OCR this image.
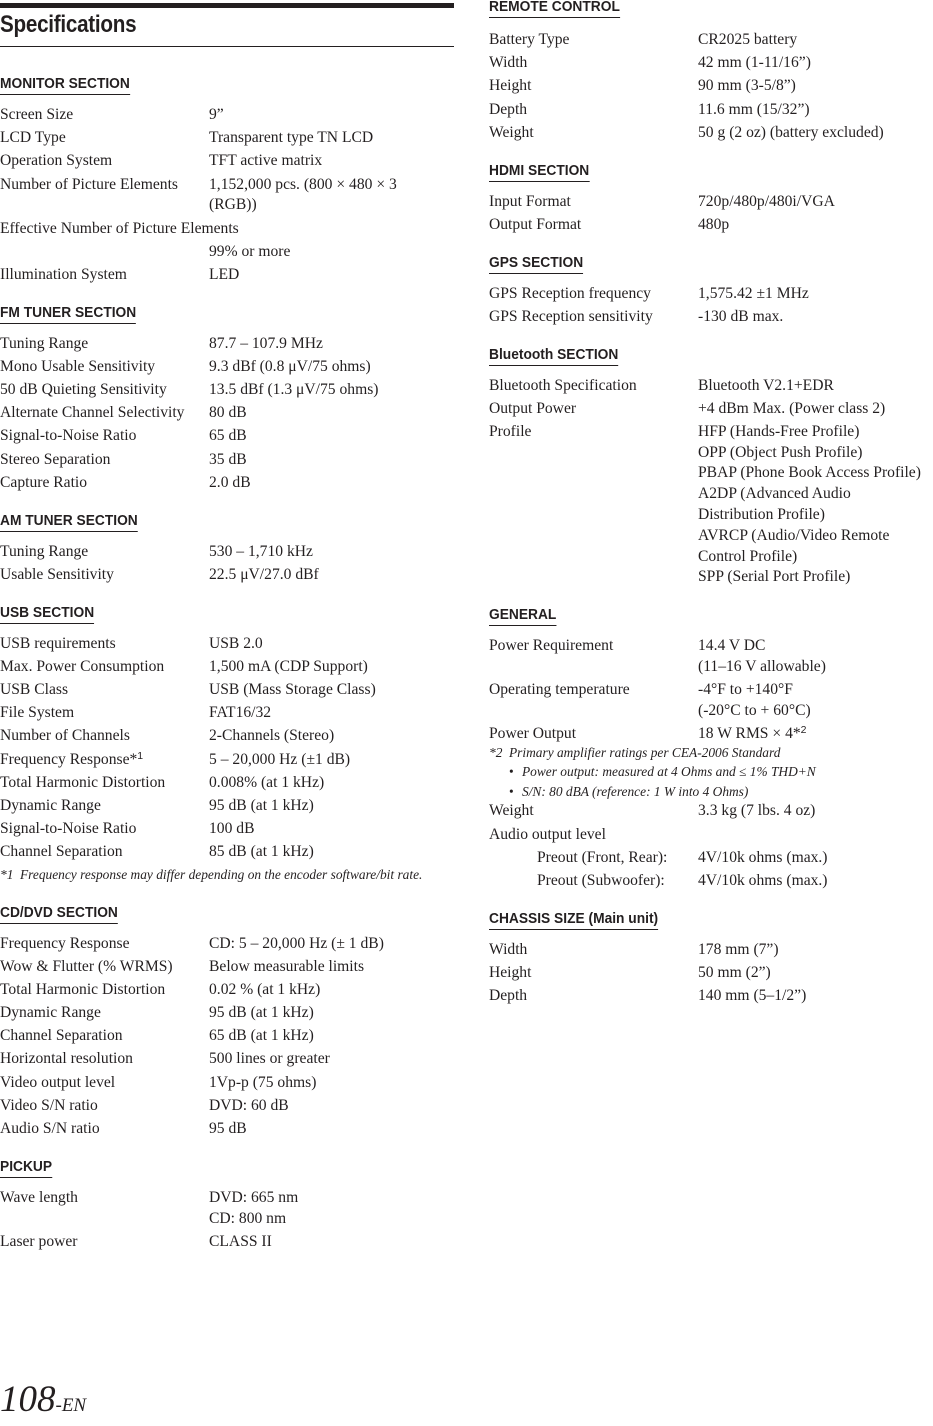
Specifications
MONITOR SECTION
Screen Size	9”
LCD Type	Transparent type TN LCD
Operation System	TFT active matrix
Number of Picture Elements	1,152,000 pcs. (800 × 480 × 3
(RGB))
Effective Number of Picture Elements
99% or more
Illumination System	LED
FM TUNER SECTION
Tuning Range	87.7 – 107.9 MHz
Mono Usable Sensitivity	9.3 dBf (0.8 μV/75 ohms)
50 dB Quieting Sensitivity	13.5 dBf (1.3 μV/75 ohms)
Alternate Channel Selectivity	80 dB
Signal-to-Noise Ratio	65 dB
Stereo Separation	35 dB
Capture Ratio	2.0 dB
AM TUNER SECTION
Tuning Range	530 – 1,710 kHz
Usable Sensitivity	22.5 μV/27.0 dBf
USB SECTION
USB requirements	USB 2.0
Max. Power Consumption	1,500 mA (CDP Support)
USB Class	USB (Mass Storage Class)
File System	FAT16/32
Number of Channels	2-Channels (Stereo)
Frequency Response*$^1$	5 – 20,000 Hz (±1 dB)
Total Harmonic Distortion	0.008% (at 1 kHz)
Dynamic Range	95 dB (at 1 kHz)
Signal-to-Noise Ratio	100 dB
Channel Separation	85 dB (at 1 kHz)
*1 Frequency response may differ depending on the encoder software/bit rate.
CD/DVD SECTION
Frequency Response	CD: 5 – 20,000 Hz (± 1 dB)
Wow & Flutter (% WRMS)	Below measurable limits
Total Harmonic Distortion	0.02 % (at 1 kHz)
Dynamic Range	95 dB (at 1 kHz)
Channel Separation	65 dB (at 1 kHz)
Horizontal resolution	500 lines or greater
Video output level	1Vp-p (75 ohms)
Video S/N ratio	DVD: 60 dB
Audio S/N ratio	95 dB
PICKUP
Wave length	DVD: 665 nm
CD: 800 nm
Laser power	CLASS II
REMOTE CONTROL
Battery Type	CR2025 battery
Width	42 mm (1-11/16”)
Height	90 mm (3-5/8”)
Depth	11.6 mm (15/32”)
Weight	50 g (2 oz) (battery excluded)
HDMI SECTION
Input Format	720p/480p/480i/VGA
Output Format	480p
GPS SECTION
GPS Reception frequency	1,575.42 ±1 MHz
GPS Reception sensitivity	-130 dB max.
Bluetooth SECTION
Bluetooth Specification	Bluetooth V2.1+EDR
Output Power	+4 dBm Max. (Power class 2)
Profile	HFP (Hands-Free Profile)
OPP (Object Push Profile)
PBAP (Phone Book Access Profile)
A2DP (Advanced Audio
Distribution Profile)
AVRCP (Audio/Video Remote
Control Profile)
SPP (Serial Port Profile)
GENERAL
Power Requirement	14.4 V DC
(11–16 V allowable)
Operating temperature	-4°F to +140°F
(-20°C to + 60°C)
Power Output	18 W RMS × 4*$^2$
*2 Primary amplifier ratings per CEA-2006 Standard
• Power output: measured at 4 Ohms and ≤ 1% THD+N
• S/N: 80 dBA (reference: 1 W into 4 Ohms)
Weight	3.3 kg (7 lbs. 4 oz)
Audio output level
Preout (Front, Rear):	4V/10k ohms (max.)
Preout (Subwoofer):	4V/10k ohms (max.)
CHASSIS SIZE (Main unit)
Width	178 mm (7”)
Height	50 mm (2”)
Depth	140 mm (5–1/2”)
108-EN
